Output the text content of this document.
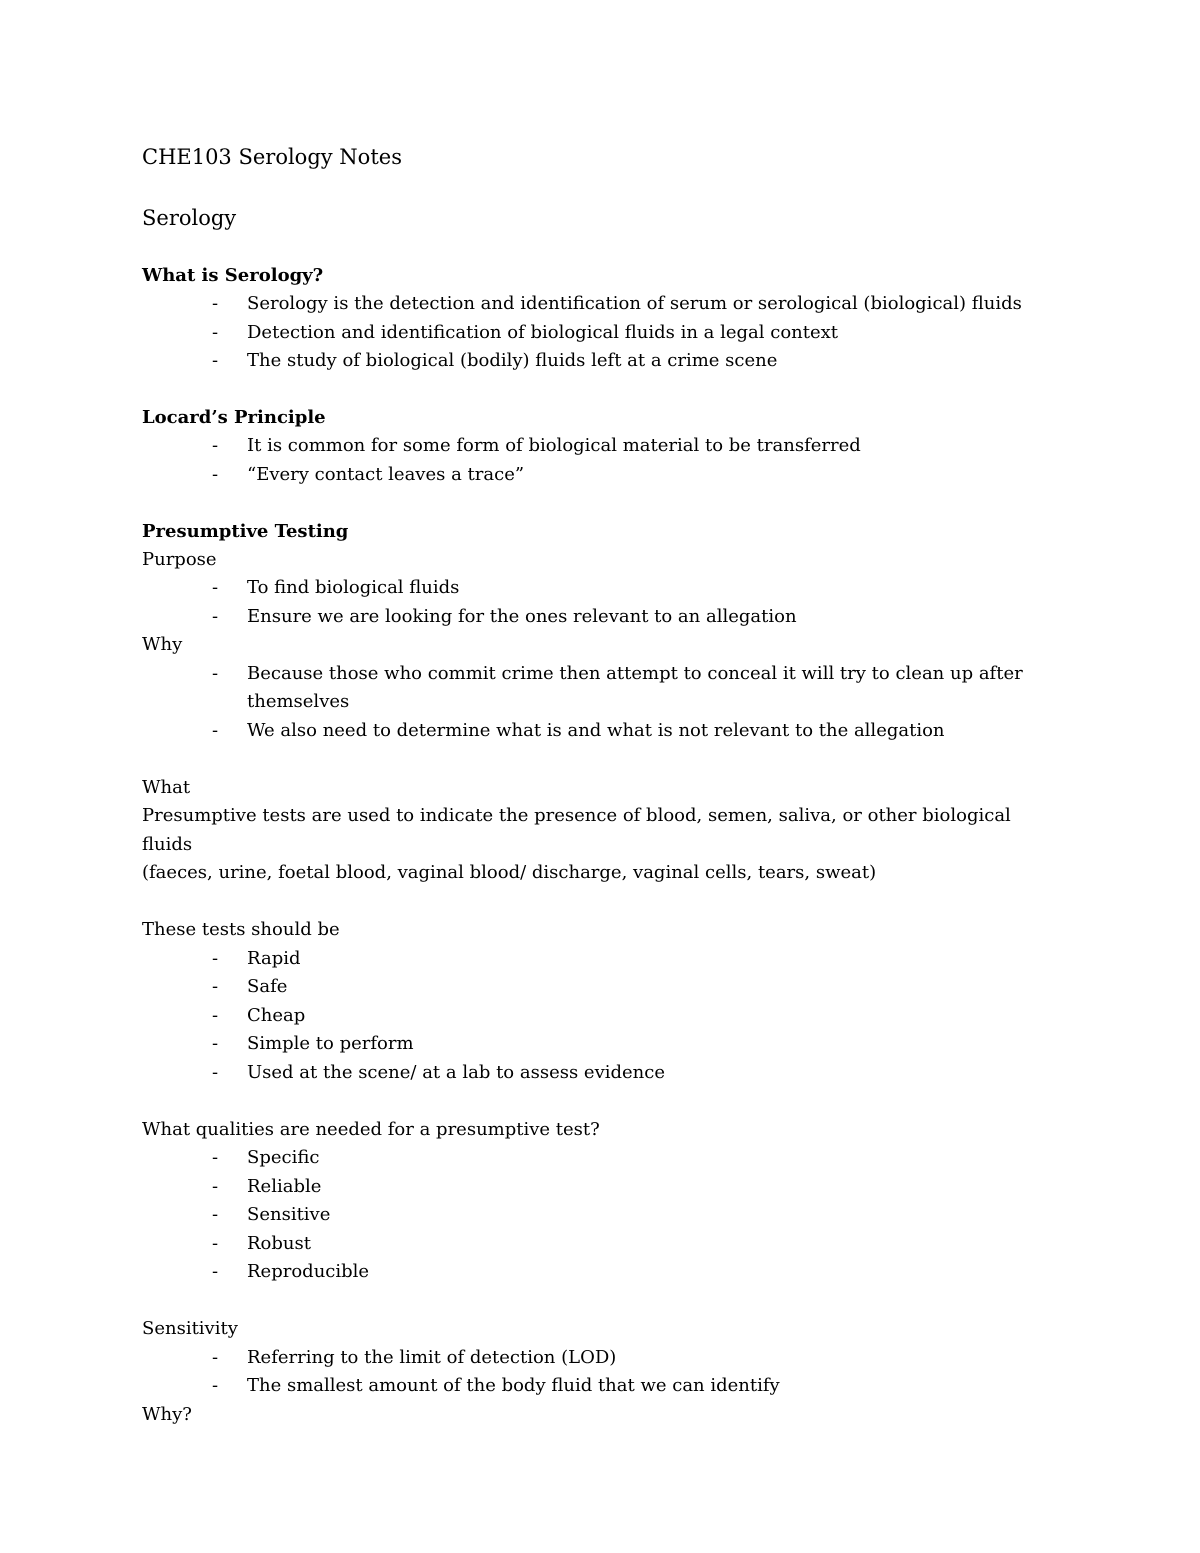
CHE103 Serology Notes
Serology
What is Serology?
- Serology is the detection and identification of serum or serological (biological) fluids
- Detection and identification of biological fluids in a legal context
- The study of biological (bodily) fluids left at a crime scene
Locard’s Principle
- It is common for some form of biological material to be transferred
- “Every contact leaves a trace”
Presumptive Testing
Purpose
- To find biological fluids
- Ensure we are looking for the ones relevant to an allegation
Why
- Because those who commit crime then attempt to conceal it will try to clean up after themselves
- We also need to determine what is and what is not relevant to the allegation
What
Presumptive tests are used to indicate the presence of blood, semen, saliva, or other biological fluids
(faeces, urine, foetal blood, vaginal blood/ discharge, vaginal cells, tears, sweat)
These tests should be
- Rapid
- Safe
- Cheap
- Simple to perform
- Used at the scene/ at a lab to assess evidence
What qualities are needed for a presumptive test?
- Specific
- Reliable
- Sensitive
- Robust
- Reproducible
Sensitivity
- Referring to the limit of detection (LOD)
- The smallest amount of the body fluid that we can identify
Why?
